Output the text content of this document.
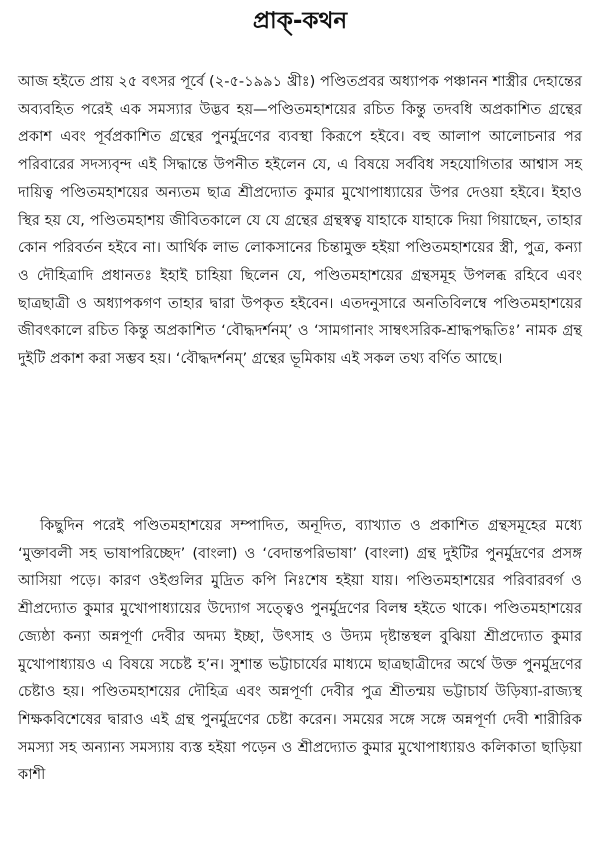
প্রাক্-কথন

আজ হইতে প্রায় ২৫ বৎসর পূর্বে (২-৫-১৯৯১ খ্রীঃ) পণ্ডিতপ্রবর অধ্যাপক পঞ্চানন শাস্ত্রীর দেহান্তের অব্যবহিত পরেই এক সমস্যার উদ্ভব হয়—পণ্ডিতমহাশয়ের রচিত কিন্তু তদবধি অপ্রকাশিত গ্রন্থের প্রকাশ এবং পূর্বপ্রকাশিত গ্রন্থের পুনর্মুদ্রণের ব্যবস্থা কিরূপে হইবে। বহু আলাপ আলোচনার পর পরিবারের সদস্যবৃন্দ এই সিদ্ধান্তে উপনীত হইলেন যে, এ বিষয়ে সর্ববিধ সহযোগিতার আশ্বাস সহ দায়িত্ব পণ্ডিতমহাশয়ের অন্যতম ছাত্র শ্রীপ্রদ্যোত কুমার মুখোপাধ্যায়ের উপর দেওয়া হইবে। ইহাও স্থির হয় যে, পণ্ডিতমহাশয় জীবিতকালে যে যে গ্রন্থের গ্রন্থস্বত্ব যাহাকে যাহাকে দিয়া গিয়াছেন, তাহার কোন পরিবর্তন হইবে না। আর্থিক লাভ লোকসানের চিন্তামুক্ত হইয়া পণ্ডিতমহাশয়ের স্ত্রী, পুত্র, কন্যা ও দৌহিত্রাদি প্রধানতঃ ইহাই চাহিয়া ছিলেন যে, পণ্ডিতমহাশয়ের গ্রন্থসমূহ উপলব্ধ রহিবে এবং ছাত্রছাত্রী ও অধ্যাপকগণ তাহার দ্বারা উপকৃত হইবেন। এতদনুসারে অনতিবিলম্বে পণ্ডিতমহাশয়ের জীবৎকালে রচিত কিন্তু অপ্রকাশিত ‘বৌদ্ধদর্শনম্’ ও ‘সামগানাং সাম্বৎসরিক-শ্রাদ্ধপদ্ধতিঃ’ নামক গ্রন্থ দুইটি প্রকাশ করা সম্ভব হয়। ‘বৌদ্ধদর্শনম্’ গ্রন্থের ভূমিকায় এই সকল তথ্য বর্ণিত আছে।

কিছুদিন পরেই পণ্ডিতমহাশয়ের সম্পাদিত, অনূদিত, ব্যাখ্যাত ও প্রকাশিত গ্রন্থসমূহের মধ্যে ‘মুক্তাবলী সহ ভাষাপরিচ্ছেদ’ (বাংলা) ও ‘বেদান্তপরিভাষা’ (বাংলা) গ্রন্থ দুইটির পুনর্মুদ্রণের প্রসঙ্গ আসিয়া পড়ে। কারণ ওইগুলির মুদ্রিত কপি নিঃশেষ হইয়া যায়। পণ্ডিতমহাশয়ের পরিবারবর্গ ও শ্রীপ্রদ্যোত কুমার মুখোপাধ্যায়ের উদ্যোগ সত্ত্বেও পুনর্মুদ্রণের বিলম্ব হইতে থাকে। পণ্ডিতমহাশয়ের জ্যেষ্ঠা কন্যা অন্নপূর্ণা দেবীর অদম্য ইচ্ছা, উৎসাহ ও উদ্যম দৃষ্টান্তস্থল বুঝিয়া শ্রীপ্রদ্যোত কুমার মুখোপাধ্যায়ও এ বিষয়ে সচেষ্ট হ’ন। সুশান্ত ভট্টাচার্যের মাধ্যমে ছাত্রছাত্রীদের অর্থে উক্ত পুনর্মুদ্রণের চেষ্টাও হয়। পণ্ডিতমহাশয়ের দৌহিত্র এবং অন্নপূর্ণা দেবীর পুত্র শ্রীতন্ময় ভট্টাচার্য উড়িষ্যা-রাজ্যস্থ শিক্ষকবিশেষের দ্বারাও এই গ্রন্থ পুনর্মুদ্রণের চেষ্টা করেন। সময়ের সঙ্গে সঙ্গে অন্নপূর্ণা দেবী শারীরিক সমস্যা সহ অন্যান্য সমস্যায় ব্যস্ত হইয়া পড়েন ও শ্রীপ্রদ্যোত কুমার মুখোপাধ্যায়ও কলিকাতা ছাড়িয়া কাশী
